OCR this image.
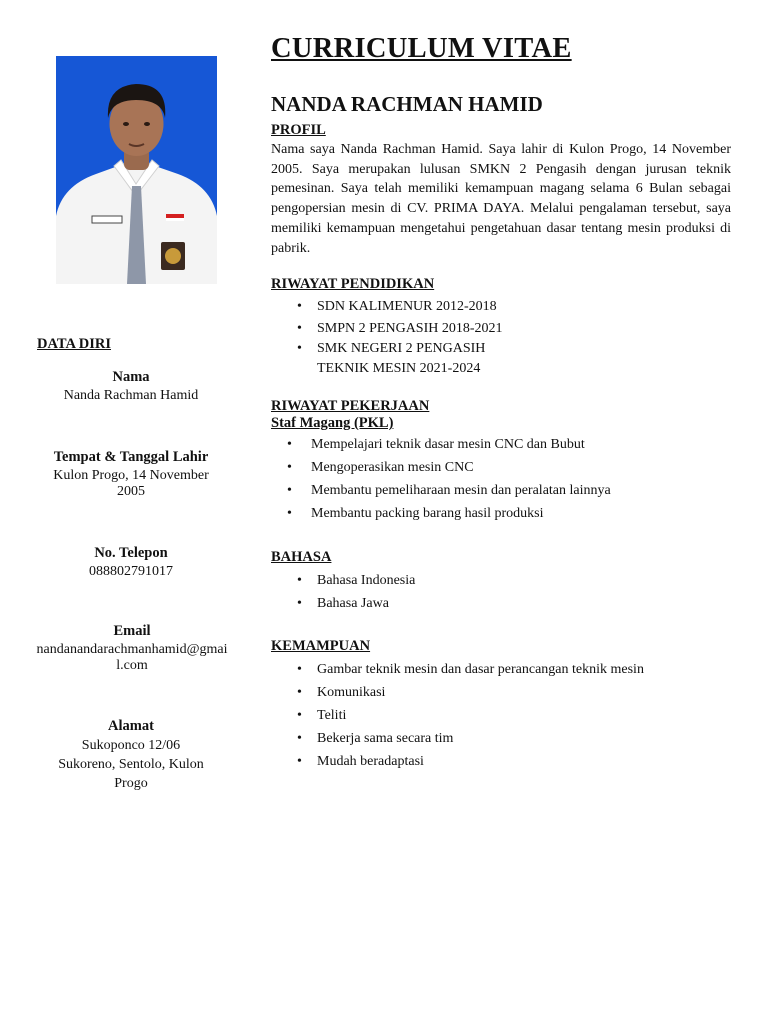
DATA DIRI
Nama
Nanda Rachman Hamid
Tempat & Tanggal Lahir
Kulon Progo, 14 November 2005
No. Telepon
088802791017
Email
nandanandarachmanhamid@gmail.com
Alamat
Sukoponco 12/06 Sukoreno, Sentolo, Kulon Progo
CURRICULUM VITAE
NANDA RACHMAN HAMID
PROFIL
Nama saya Nanda Rachman Hamid. Saya lahir di Kulon Progo, 14 November 2005. Saya merupakan lulusan SMKN 2 Pengasih dengan jurusan teknik pemesinan. Saya telah memiliki kemampuan magang selama 6 Bulan sebagai pengopersian mesin di CV. PRIMA DAYA. Melalui pengalaman tersebut, saya memiliki kemampuan mengetahui pengetahuan dasar tentang mesin produksi di pabrik.
RIWAYAT PENDIDIKAN
• SDN KALIMENUR 2012-2018
• SMPN 2 PENGASIH 2018-2021
• SMK NEGERI 2 PENGASIH
TEKNIK MESIN 2021-2024
RIWAYAT PEKERJAAN
Staf Magang (PKL)
• Mempelajari teknik dasar mesin CNC dan Bubut
• Mengoperasikan mesin CNC
• Membantu pemeliharaan mesin dan peralatan lainnya
• Membantu packing barang hasil produksi
BAHASA
• Bahasa Indonesia
• Bahasa Jawa
KEMAMPUAN
• Gambar teknik mesin dan dasar perancangan teknik mesin
• Komunikasi
• Teliti
• Bekerja sama secara tim
• Mudah beradaptasi
